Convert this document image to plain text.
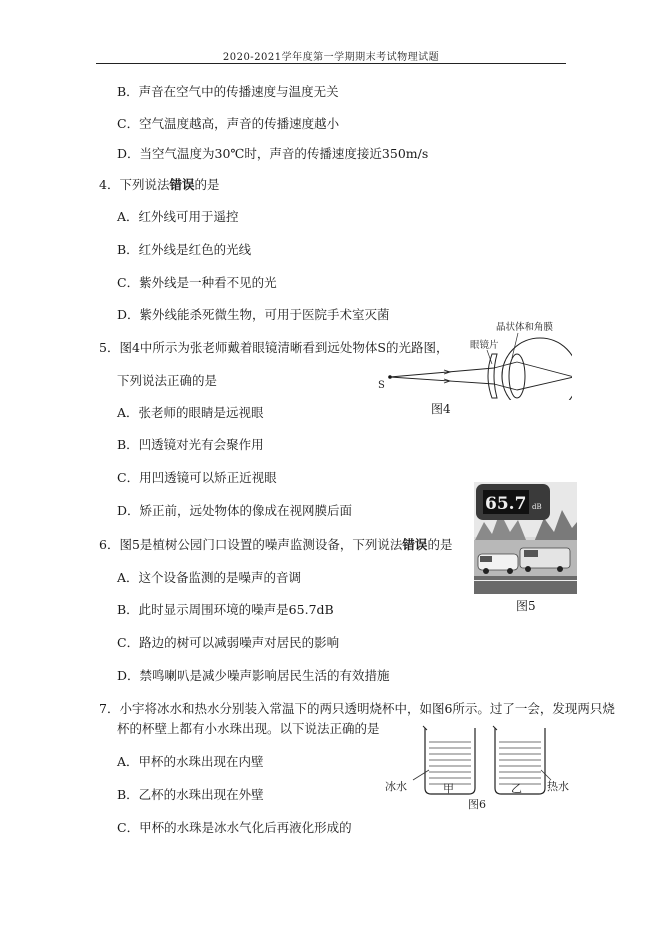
2020-2021学年度第一学期期末考试物理试题
B．声音在空气中的传播速度与温度无关
C．空气温度越高，声音的传播速度越小
D．当空气温度为30℃时，声音的传播速度接近350m/s
4．下列说法错误的是
A．红外线可用于遥控
B．红外线是红色的光线
C．紫外线是一种看不见的光
D．紫外线能杀死微生物，可用于医院手术室灭菌
5．图4中所示为张老师戴着眼镜清晰看到远处物体S的光路图，
下列说法正确的是
A．张老师的眼睛是远视眼
B．凹透镜对光有会聚作用
C．用凹透镜可以矫正近视眼
D．矫正前，远处物体的像成在视网膜后面
晶状体和角膜
眼镜片
S
图4
6．图5是植树公园门口设置的噪声监测设备，下列说法错误的是
A．这个设备监测的是噪声的音调
B．此时显示周围环境的噪声是65.7dB
C．路边的树可以减弱噪声对居民的影响
D．禁鸣喇叭是减少噪声影响居民生活的有效措施
65.7 dB
图5
7．小宇将冰水和热水分别装入常温下的两只透明烧杯中，如图6所示。过了一会，发现两只烧
杯的杯壁上都有小水珠出现。以下说法正确的是
A．甲杯的水珠出现在内壁
B．乙杯的水珠出现在外壁
C．甲杯的水珠是冰水气化后再液化形成的
冰水	甲	乙 热水
图6
